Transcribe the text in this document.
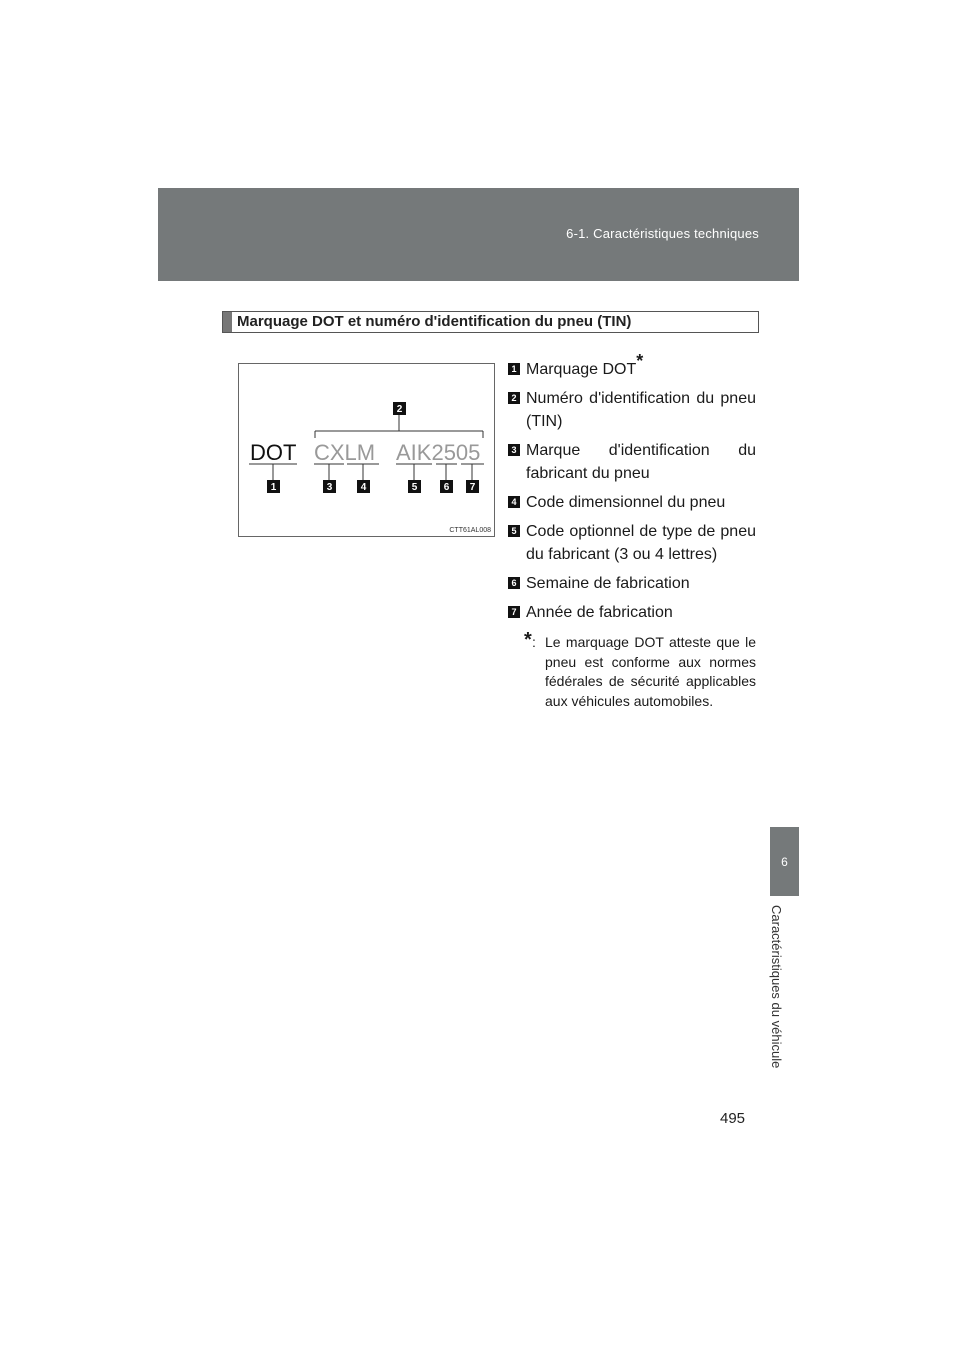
6-1. Caractéristiques techniques
6
Caractéristiques du véhicule
Marquage DOT et numéro d'identification du pneu (TIN)
2
DOT CXLM AIK2505
1	3	4	5	6 7
CTT61AL008
1 Marquage DOT*
2 Numéro d'identification du pneu (TIN)
3 Marque d'identification du fabricant du pneu
4 Code dimensionnel du pneu
5 Code optionnel de type de pneu du fabricant (3 ou 4 lettres)
6 Semaine de fabrication
7 Année de fabrication
* : Le marquage DOT atteste que le pneu est conforme aux normes fédérales de sécurité applicables aux véhicules automobiles.
495
